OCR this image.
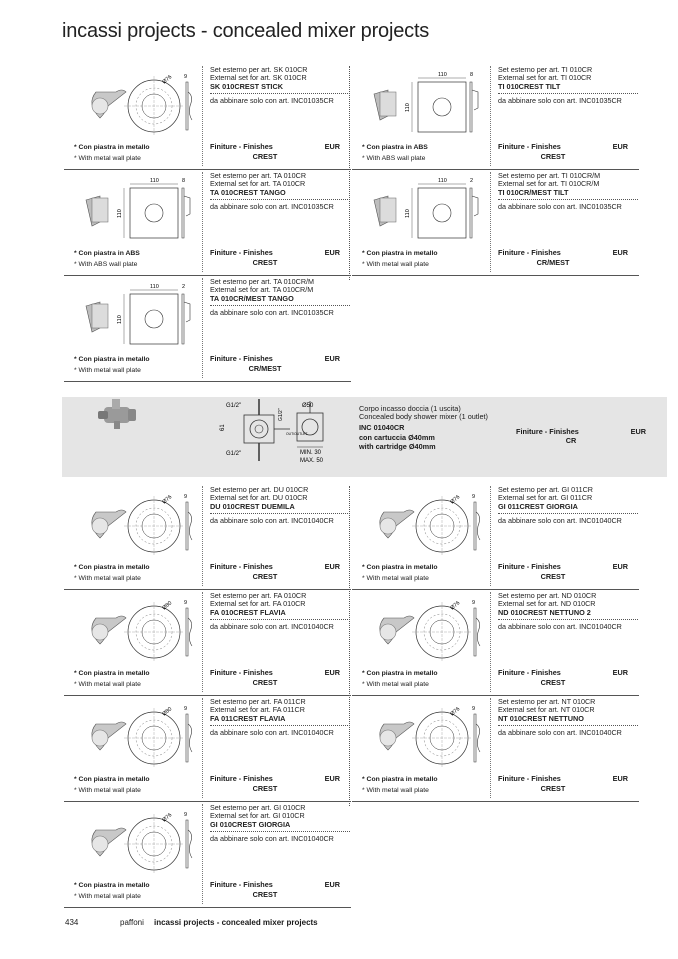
incassi projects - concealed mixer projects
Ø76 9
Set esterno per art. SK 010CR
External set for art. SK 010CR
SK 010CREST STICK
da abbinare solo con art. INC01035CR
* Con piastra in metallo
* With metal wall plate
Finiture - Finishes	EUR
CREST
110
110
8
Set esterno per art. TI 010CR
External set for art. TI 010CR
TI 010CREST TILT
da abbinare solo con art. INC01035CR
* Con piastra in ABS
* With ABS wall plate
Finiture - Finishes	EUR
CREST
110
110
8
Set esterno per art. TA 010CR
External set for art. TA 010CR
TA 010CREST TANGO
da abbinare solo con art. INC01035CR
* Con piastra in ABS
* With ABS wall plate
Finiture - Finishes	EUR
CREST
110
110
2
Set esterno per art. TI 010CR/M
External set for art. TI 010CR/M
TI 010CR/MEST TILT
da abbinare solo con art. INC01035CR
* Con piastra in metallo
* With metal wall plate
Finiture - Finishes	EUR
CR/MEST
110
110
2
Set esterno per art. TA 010CR/M
External set for art. TA 010CR/M
TA 010CR/MEST TANGO
da abbinare solo con art. INC01035CR
* Con piastra in metallo
* With metal wall plate
Finiture - Finishes	EUR
CR/MEST
Ø76 9
Set esterno per art. DU 010CR
External set for art. DU 010CR
DU 010CREST DUEMILA
da abbinare solo con art. INC01040CR
* Con piastra in metallo
* With metal wall plate
Finiture - Finishes	EUR
CREST
Ø76 9
Set esterno per art. GI 011CR
External set for art. GI 011CR
GI 011CREST GIORGIA
da abbinare solo con art. INC01040CR
* Con piastra in metallo
* With metal wall plate
Finiture - Finishes	EUR
CREST
Ø80 9
Set esterno per art. FA 010CR
External set for art. FA 010CR
FA 010CREST FLAVIA
da abbinare solo con art. INC01040CR
* Con piastra in metallo
* With metal wall plate
Finiture - Finishes	EUR
CREST
Ø76 9
Set esterno per art. ND 010CR
External set for art. ND 010CR
ND 010CREST NETTUNO 2
da abbinare solo con art. INC01040CR
* Con piastra in metallo
* With metal wall plate
Finiture - Finishes	EUR
CREST
Ø80 9
Set esterno per art. FA 011CR
External set for art. FA 011CR
FA 011CREST FLAVIA
da abbinare solo con art. INC01040CR
* Con piastra in metallo
* With metal wall plate
Finiture - Finishes	EUR
CREST
Ø76 9
Set esterno per art. NT 010CR
External set for art. NT 010CR
NT 010CREST NETTUNO
da abbinare solo con art. INC01040CR
* Con piastra in metallo
* With metal wall plate
Finiture - Finishes	EUR
CREST
Ø76 9
Set esterno per art. GI 010CR
External set for art. GI 010CR
GI 010CREST GIORGIA
da abbinare solo con art. INC01040CR
* Con piastra in metallo
* With metal wall plate
Finiture - Finishes	EUR
CREST
G1/2"
61
G1/2"
G1/2"
OUT/OUTLET
Ø50
MIN. 30
MAX. 50
Corpo incasso doccia (1 uscita)
Concealed body shower mixer (1 outlet)
INC 01040CR
con cartuccia Ø40mm
with cartridge Ø40mm
Finiture - Finishes	EUR
CR
434	paffoni incassi projects - concealed mixer projects
